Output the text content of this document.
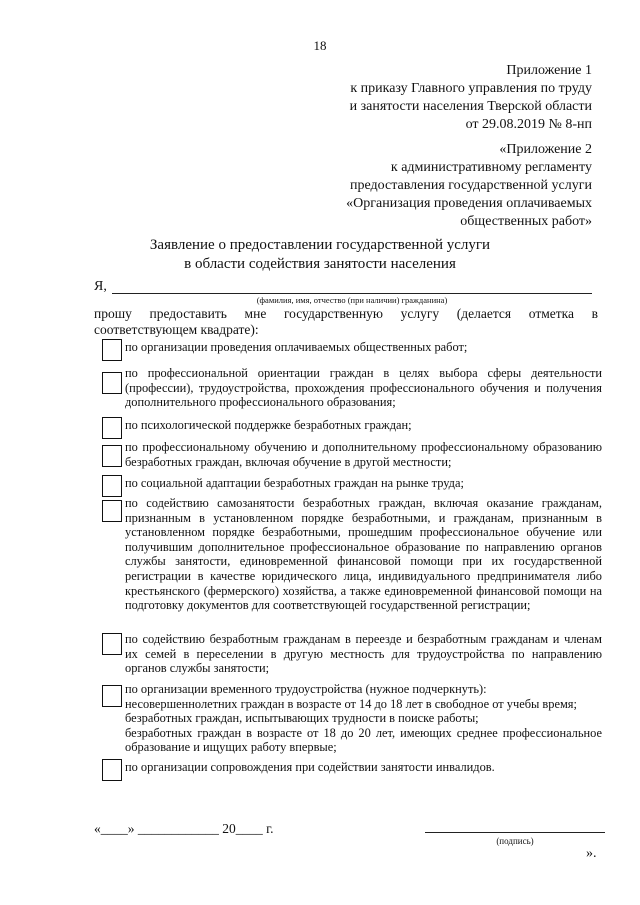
18
Приложение 1
к приказу Главного управления по труду
и занятости населения Тверской области
от 29.08.2019 № 8-нп
«Приложение 2
к административному регламенту
предоставления государственной услуги
«Организация проведения оплачиваемых
общественных работ»
Заявление о предоставлении государственной услуги
в области содействия занятости населения
Я,
(фамилия, имя, отчество (при наличии) гражданина)
прошу предоставить мне государственную услугу (делается отметка в соответствующем квадрате):
по организации проведения оплачиваемых общественных работ;
по профессиональной ориентации граждан в целях выбора сферы деятельности (профессии), трудоустройства, прохождения профессионального обучения и получения дополнительного профессионального образования;
по психологической поддержке безработных граждан;
по профессиональному обучению и дополнительному профессиональному образованию безработных граждан, включая обучение в другой местности;
по социальной адаптации безработных граждан на рынке труда;
по содействию самозанятости безработных граждан, включая оказание гражданам, признанным в установленном порядке безработными, и гражданам, признанным в установленном порядке безработными, прошедшим профессиональное обучение или получившим дополнительное профессиональное образование по направлению органов службы занятости, единовременной финансовой помощи при их государственной регистрации в качестве юридического лица, индивидуального предпринимателя либо крестьянского (фермерского) хозяйства, а также единовременной финансовой помощи на подготовку документов для соответствующей государственной регистрации;
по содействию безработным гражданам в переезде и безработным гражданам и членам их семей в переселении в другую местность для трудоустройства по направлению органов службы занятости;
по организации временного трудоустройства (нужное подчеркнуть):
несовершеннолетних граждан в возрасте от 14 до 18 лет в свободное от учебы время;
безработных граждан, испытывающих трудности в поиске работы;
безработных граждан в возрасте от 18 до 20 лет, имеющих среднее профессиональное образование и ищущих работу впервые;
по организации сопровождения при содействии занятости инвалидов.
«____» ____________ 20____ г.
(подпись)
».
